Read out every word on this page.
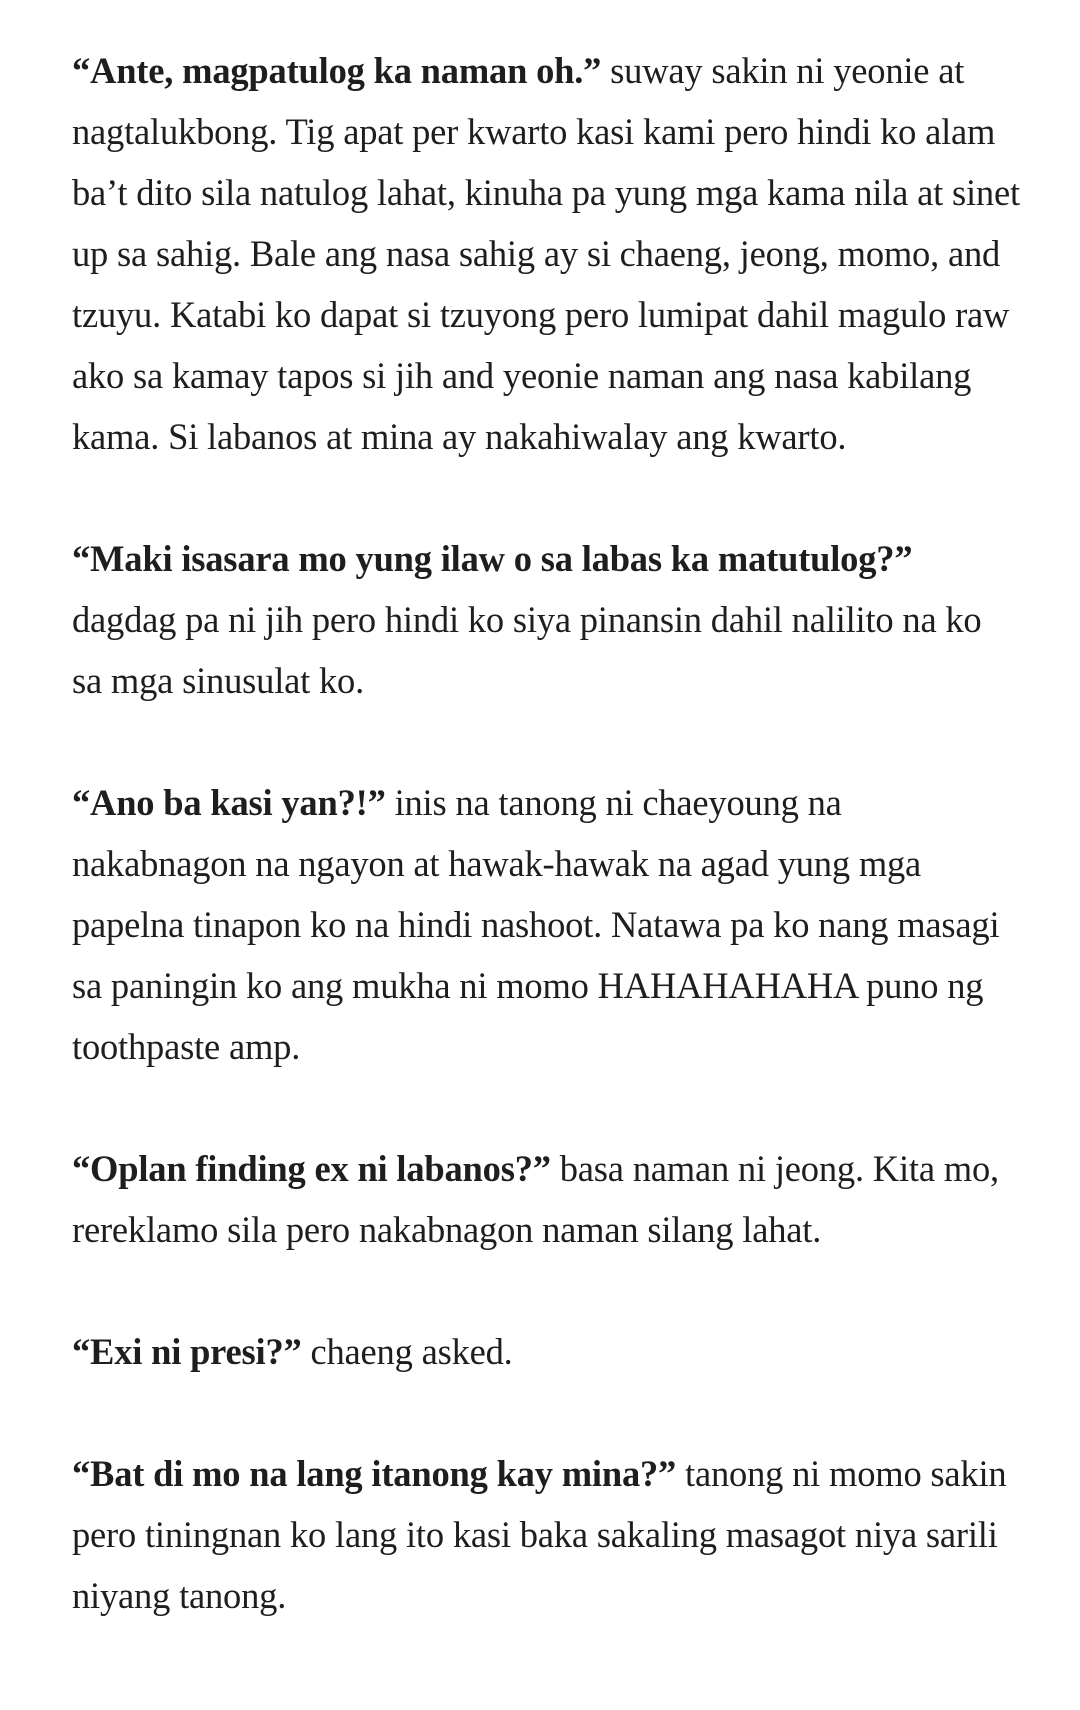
“Ante, magpatulog ka naman oh.” suway sakin ni yeonie at nagtalukbong. Tig apat per kwarto kasi kami pero hindi ko alam ba’t dito sila natulog lahat, kinuha pa yung mga kama nila at sinet up sa sahig. Bale ang nasa sahig ay si chaeng, jeong, momo, and tzuyu. Katabi ko dapat si tzuyong pero lumipat dahil magulo raw ako sa kamay tapos si jih and yeonie naman ang nasa kabilang kama. Si labanos at mina ay nakahiwalay ang kwarto.

“Maki isasara mo yung ilaw o sa labas ka matutulog?” dagdag pa ni jih pero hindi ko siya pinansin dahil nalilito na ko sa mga sinusulat ko.

“Ano ba kasi yan?!” inis na tanong ni chaeyoung na nakabnagon na ngayon at hawak-hawak na agad yung mga papelna tinapon ko na hindi nashoot. Natawa pa ko nang masagi sa paningin ko ang mukha ni momo HAHAHAHAHA puno ng toothpaste amp.

“Oplan finding ex ni labanos?” basa naman ni jeong. Kita mo, rereklamo sila pero nakabnagon naman silang lahat.

“Exi ni presi?” chaeng asked.

“Bat di mo na lang itanong kay mina?” tanong ni momo sakin pero tiningnan ko lang ito kasi baka sakaling masagot niya sarili niyang tanong.
